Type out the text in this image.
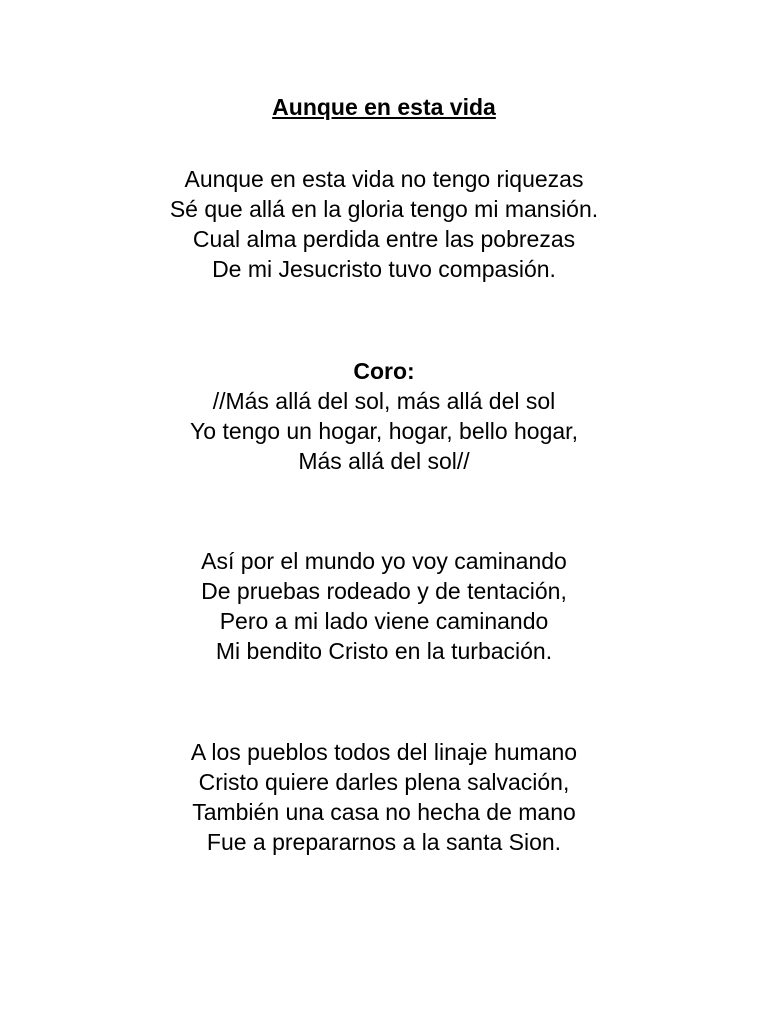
Aunque en esta vida
Aunque en esta vida no tengo riquezas
Sé que allá en la gloria tengo mi mansión.
Cual alma perdida entre las pobrezas
De mi Jesucristo tuvo compasión.
Coro:
//Más allá del sol, más allá del sol
Yo tengo un hogar, hogar, bello hogar,
Más allá del sol//
Así por el mundo yo voy caminando
De pruebas rodeado y de tentación,
Pero a mi lado viene caminando
Mi bendito Cristo en la turbación.
A los pueblos todos del linaje humano
Cristo quiere darles plena salvación,
También una casa no hecha de mano
Fue a prepararnos a la santa Sion.
